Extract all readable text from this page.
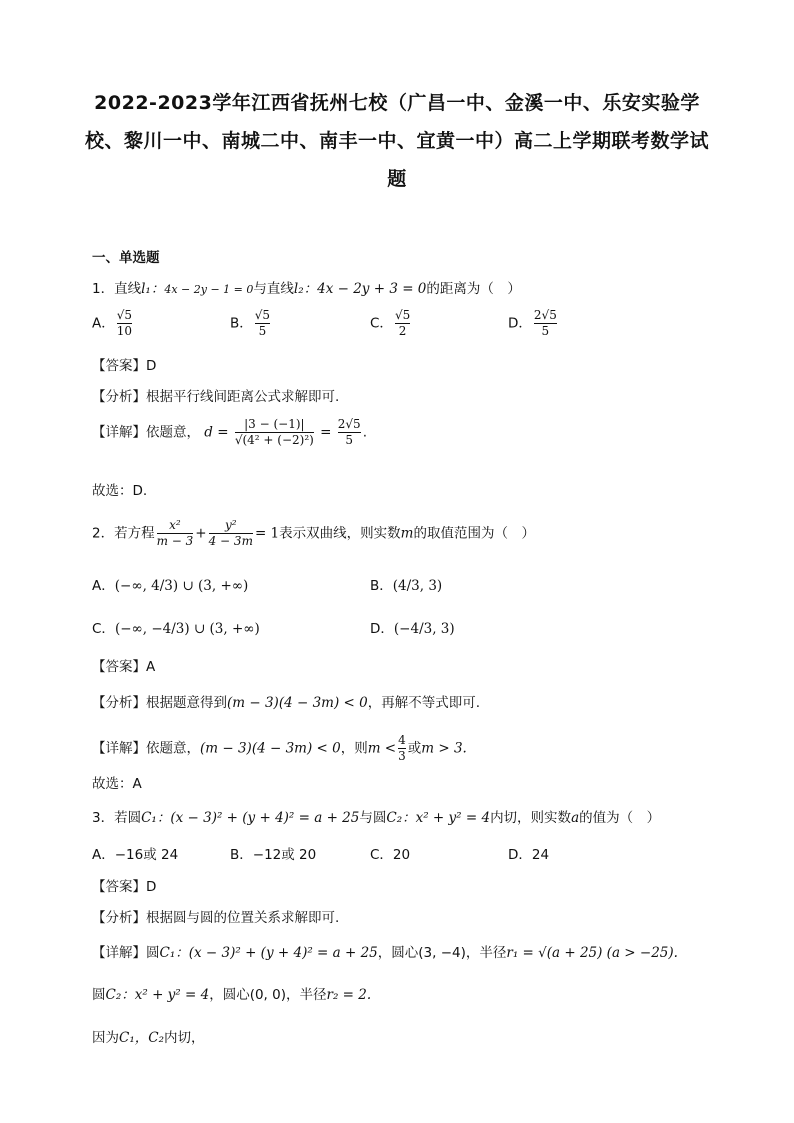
2022-2023学年江西省抚州七校（广昌一中、金溪一中、乐安实验学校、黎川一中、南城二中、南丰一中、宜黄一中）高二上学期联考数学试题
一、单选题
1．直线l₁：4x − 2y − 1 = 0与直线l₂：4x − 2y + 3 = 0的距离为（　）
A． $\frac{√5}{10}$	B． $\frac{√5}{5}$	C． $\frac{√5}{2}$	D． $\frac{2√5}{5}$
【答案】D
【分析】根据平行线间距离公式求解即可.
【详解】依题意， $d = \frac{|3 - (-1)|}{\text{√(4² + (−2)²)}} = \frac{2√5}{5}$ .
故选：D.
2．若方程 $\frac{\text{x²}}{m - 3} + \frac{\text{y²}}{4 - 3m} = 1$表示双曲线，则实数m的取值范围为（　）
A．(−∞, 4/3) ∪ (3, +∞)	B．(4/3, 3)
C．(−∞, −4/3) ∪ (3, +∞)	D．(−4/3, 3)
【答案】A
【分析】根据题意得到(m − 3)(4 − 3m) < 0，再解不等式即可.
【详解】依题意，(m − 3)(4 − 3m) < 0，则$m < \frac{4}{3}$ 或m > 3.
故选：A
3．若圆C₁：(x − 3)² + (y + 4)² = a + 25与圆C₂：x² + y² = 4内切，则实数a的值为（　）
A．−16或 24	B．−12或 20	C．20	D．24
【答案】D
【分析】根据圆与圆的位置关系求解即可.
【详解】圆C₁：(x − 3)² + (y + 4)² = a + 25，圆心(3, −4)，半径r₁ = √(a + 25) (a > −25).
圆C₂：x² + y² = 4，圆心(0, 0)，半径r₂ = 2.
因为C₁，C₂内切，
